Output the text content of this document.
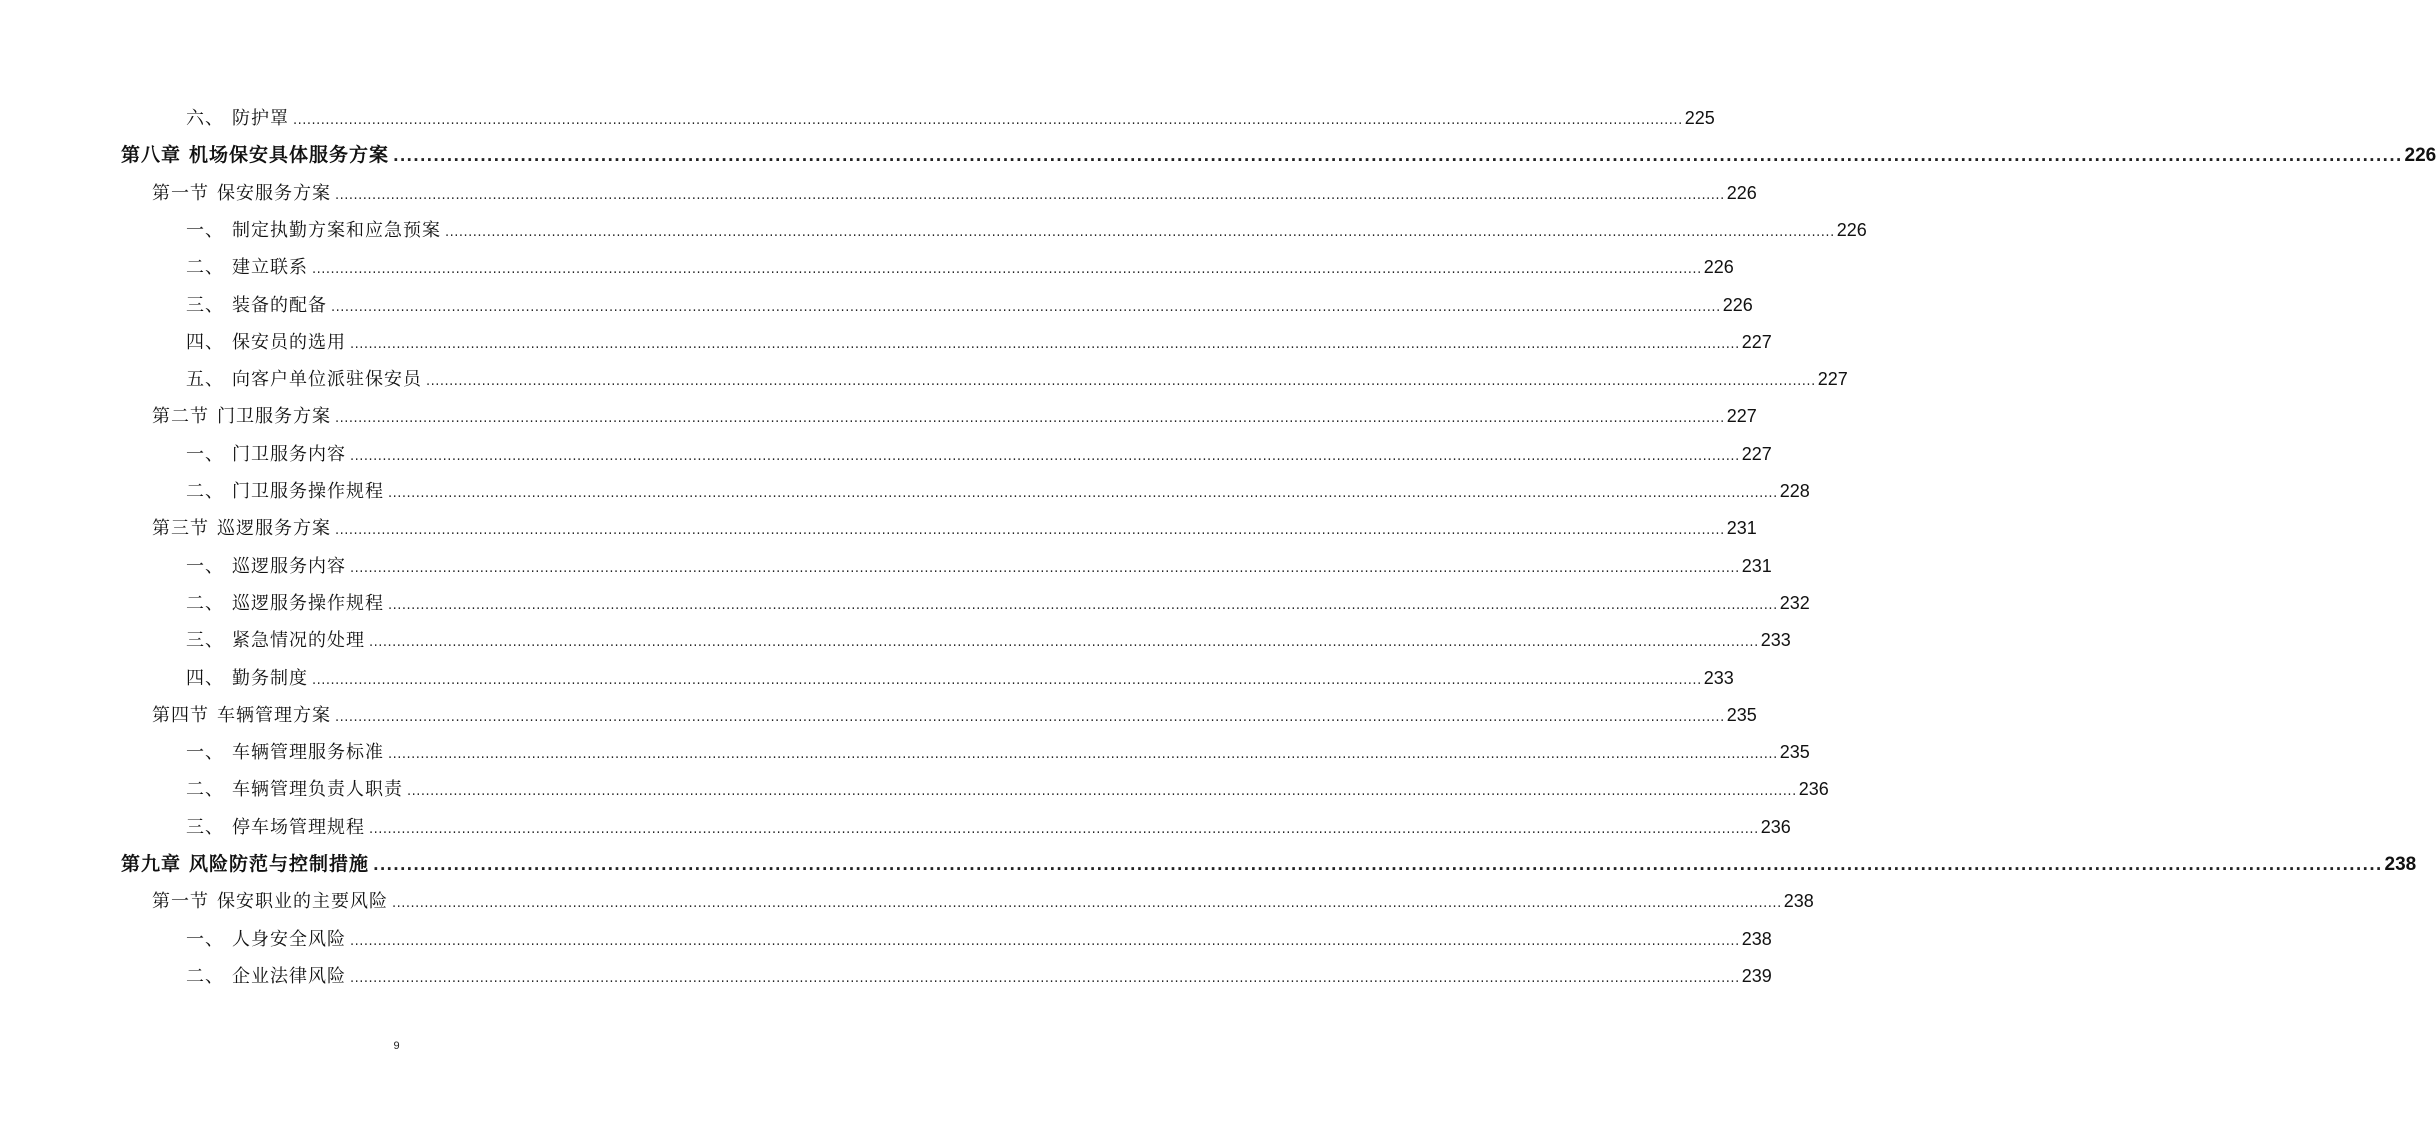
六、 防护罩 ............................................................................................................................................................................................................................................................................................................ 225
第八章 机场保安具体服务方案 ............................................................................................................................................................................................................................................................................................................ 226
第一节 保安服务方案 ............................................................................................................................................................................................................................................................................................................ 226
一、 制定执勤方案和应急预案 ............................................................................................................................................................................................................................................................................................................ 226
二、 建立联系 ............................................................................................................................................................................................................................................................................................................ 226
三、 装备的配备 ............................................................................................................................................................................................................................................................................................................ 226
四、 保安员的选用 ............................................................................................................................................................................................................................................................................................................ 227
五、 向客户单位派驻保安员 ............................................................................................................................................................................................................................................................................................................ 227
第二节 门卫服务方案 ............................................................................................................................................................................................................................................................................................................ 227
一、 门卫服务内容 ............................................................................................................................................................................................................................................................................................................ 227
二、 门卫服务操作规程 ............................................................................................................................................................................................................................................................................................................ 228
第三节 巡逻服务方案 ............................................................................................................................................................................................................................................................................................................ 231
一、 巡逻服务内容 ............................................................................................................................................................................................................................................................................................................ 231
二、 巡逻服务操作规程 ............................................................................................................................................................................................................................................................................................................ 232
三、 紧急情况的处理 ............................................................................................................................................................................................................................................................................................................ 233
四、 勤务制度 ............................................................................................................................................................................................................................................................................................................ 233
第四节 车辆管理方案 ............................................................................................................................................................................................................................................................................................................ 235
一、 车辆管理服务标准 ............................................................................................................................................................................................................................................................................................................ 235
二、 车辆管理负责人职责 ............................................................................................................................................................................................................................................................................................................ 236
三、 停车场管理规程 ............................................................................................................................................................................................................................................................................................................ 236
第九章 风险防范与控制措施 ............................................................................................................................................................................................................................................................................................................ 238
第一节 保安职业的主要风险 ............................................................................................................................................................................................................................................................................................................ 238
一、 人身安全风险 ............................................................................................................................................................................................................................................................................................................ 238
二、 企业法律风险 ............................................................................................................................................................................................................................................................................................................ 239
9
